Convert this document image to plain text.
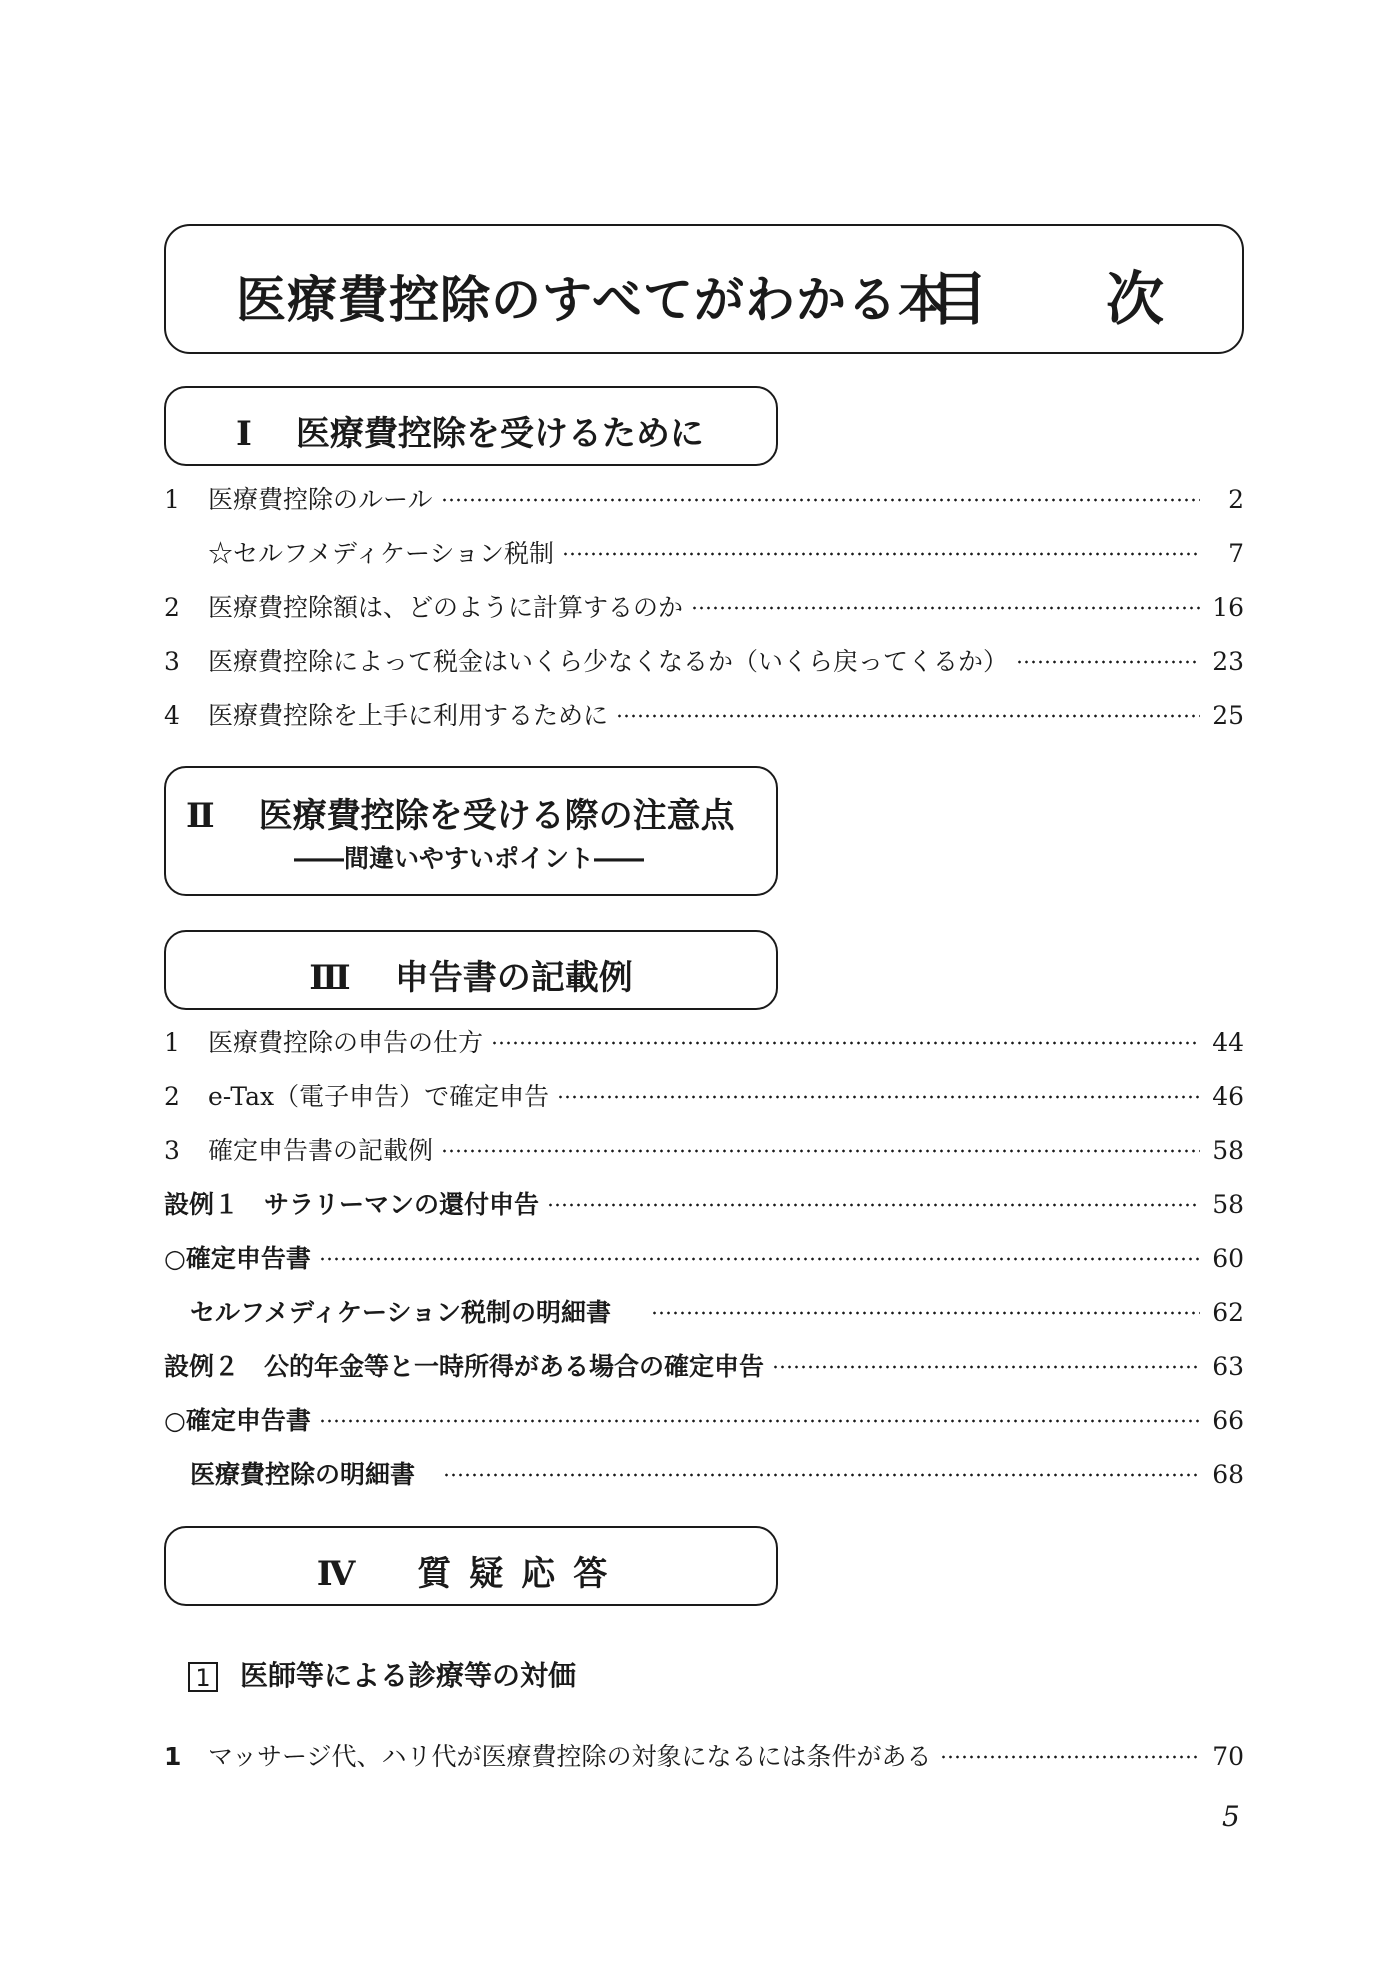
医療費控除のすべてがわかる本
目次
Ⅰ 医療費控除を受けるために
1	医療費控除のルール	2
☆セルフメディケーション税制	7
2	医療費控除額は、どのように計算するのか	16
3	医療費控除によって税金はいくら少なくなるか（いくら戻ってくるか）	23
4	医療費控除を上手に利用するために	25
Ⅱ 医療費控除を受ける際の注意点
――間違いやすいポイント――
Ⅲ 申告書の記載例
1	医療費控除の申告の仕方	44
2	e-Tax（電子申告）で確定申告	46
3	確定申告書の記載例	58
設例１　サラリーマンの還付申告	58
○確定申告書	60
セルフメディケーション税制の明細書	62
設例２　公的年金等と一時所得がある場合の確定申告	63
○確定申告書	66
医療費控除の明細書	68
Ⅳ 質疑応答
1 医師等による診療等の対価
1	マッサージ代、ハリ代が医療費控除の対象になるには条件がある	70
5
